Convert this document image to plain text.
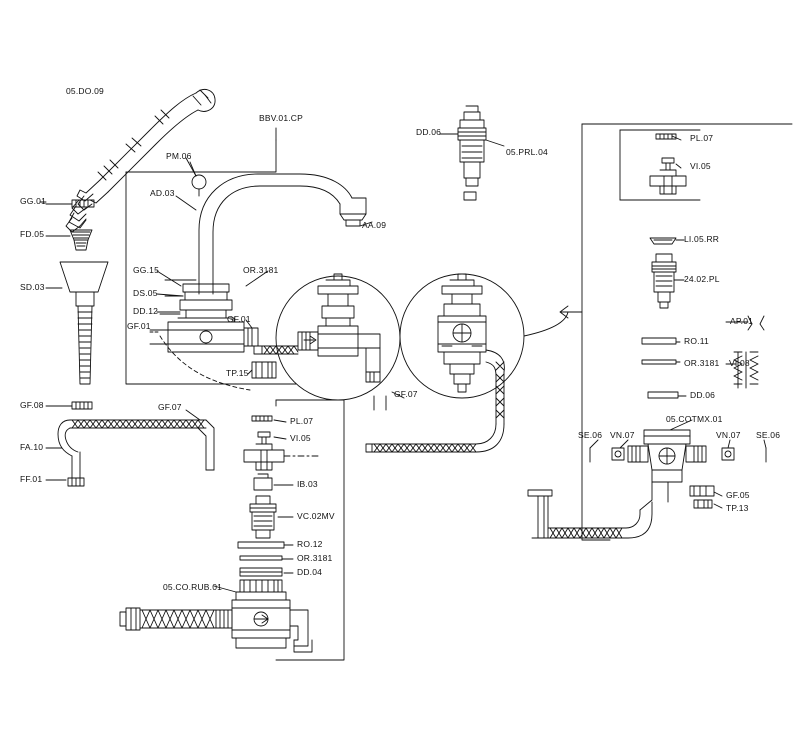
05.DO.09
BBV.01.CP
DD.06
05.PRL.04
PL.07
VI.05
PM.06
AD.03
GG.01
AA.09
FD.05	LI.05.RR
GG.15	OR.3181
24.02.PL
SD.03
DS.05
DD.12
GF.01	AP.01
GF.01
RO.11
OR.3181 VI.08
TP.15
DD.06
GF.07
GF.08	GF.07
PL.07	05.COTMX.01
VI.05	SE.06 VN.07	VN.07 SE.06
FA.10
FF.01	IB.03
GF.05
TP.13
VC.02MV
RO.12
OR.3181
DD.04
05.CO.RUB.01
